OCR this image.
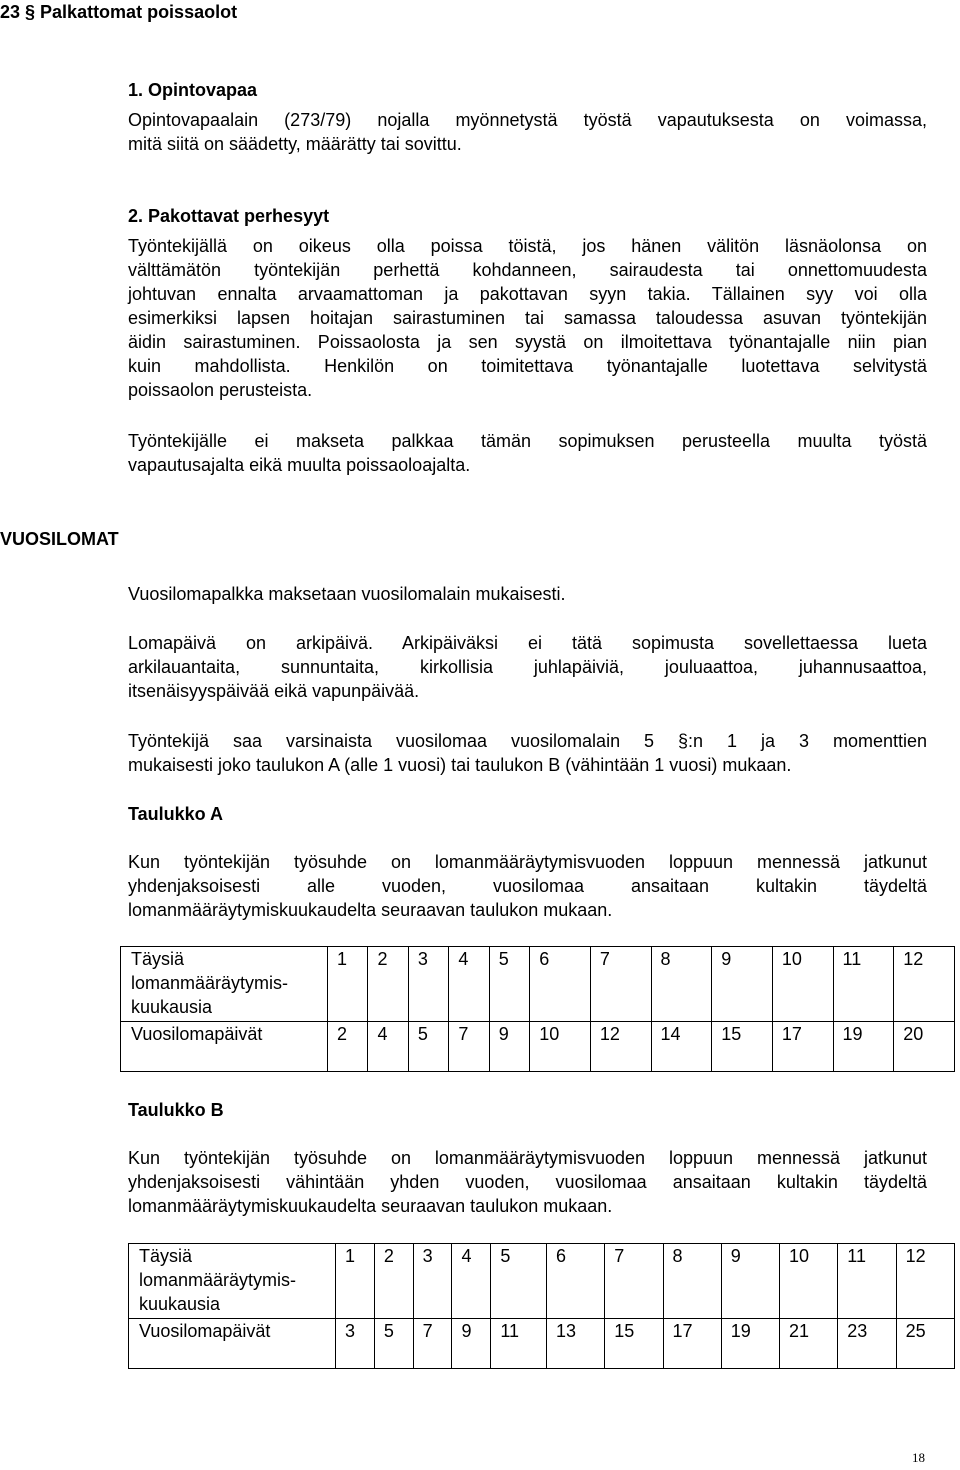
23 § Palkattomat poissaolot
1. Opintovapaa
Opintovapaalain (273/79) nojalla myönnetystä työstä vapautuksesta on voimassa,
mitä siitä on säädetty, määrätty tai sovittu.
2. Pakottavat perhesyyt
Työntekijällä on oikeus olla poissa töistä, jos hänen välitön läsnäolonsa on
välttämätön työntekijän perhettä kohdanneen, sairaudesta tai onnettomuudesta
johtuvan ennalta arvaamattoman ja pakottavan syyn takia. Tällainen syy voi olla
esimerkiksi lapsen hoitajan sairastuminen tai samassa taloudessa asuvan työntekijän
äidin sairastuminen. Poissaolosta ja sen syystä on ilmoitettava työnantajalle niin pian
kuin mahdollista. Henkilön on toimitettava työnantajalle luotettava selvitystä
poissaolon perusteista.
Työntekijälle ei makseta palkkaa tämän sopimuksen perusteella muulta työstä
vapautusajalta eikä muulta poissaoloajalta.
VUOSILOMAT
Vuosilomapalkka maksetaan vuosilomalain mukaisesti.
Lomapäivä on arkipäivä. Arkipäiväksi ei tätä sopimusta sovellettaessa lueta
arkilauantaita, sunnuntaita, kirkollisia juhlapäiviä, jouluaattoa, juhannusaattoa,
itsenäisyyspäivää eikä vapunpäivää.
Työntekijä saa varsinaista vuosilomaa vuosilomalain 5 §:n 1 ja 3 momenttien
mukaisesti joko taulukon A (alle 1 vuosi) tai taulukon B (vähintään 1 vuosi) mukaan.
Taulukko A
Kun työntekijän työsuhde on lomanmääräytymisvuoden loppuun mennessä jatkunut
yhdenjaksoisesti alle vuoden, vuosilomaa ansaitaan kultakin täydeltä
lomanmääräytymiskuukaudelta seuraavan taulukon mukaan.
Täysiä
lomanmääräytymis-
kuukausia	1	2	3	4	5	6	7	8	9	10	11	12
Vuosilomapäivät	2	4	5	7	9	10	12	14	15	17	19	20
Taulukko B
Kun työntekijän työsuhde on lomanmääräytymisvuoden loppuun mennessä jatkunut
yhdenjaksoisesti vähintään yhden vuoden, vuosilomaa ansaitaan kultakin täydeltä
lomanmääräytymiskuukaudelta seuraavan taulukon mukaan.
Täysiä
lomanmääräytymis-
kuukausia	1	2	3	4	5	6	7	8	9	10	11	12
Vuosilomapäivät	3	5	7	9	11	13	15	17	19	21	23	25
18
